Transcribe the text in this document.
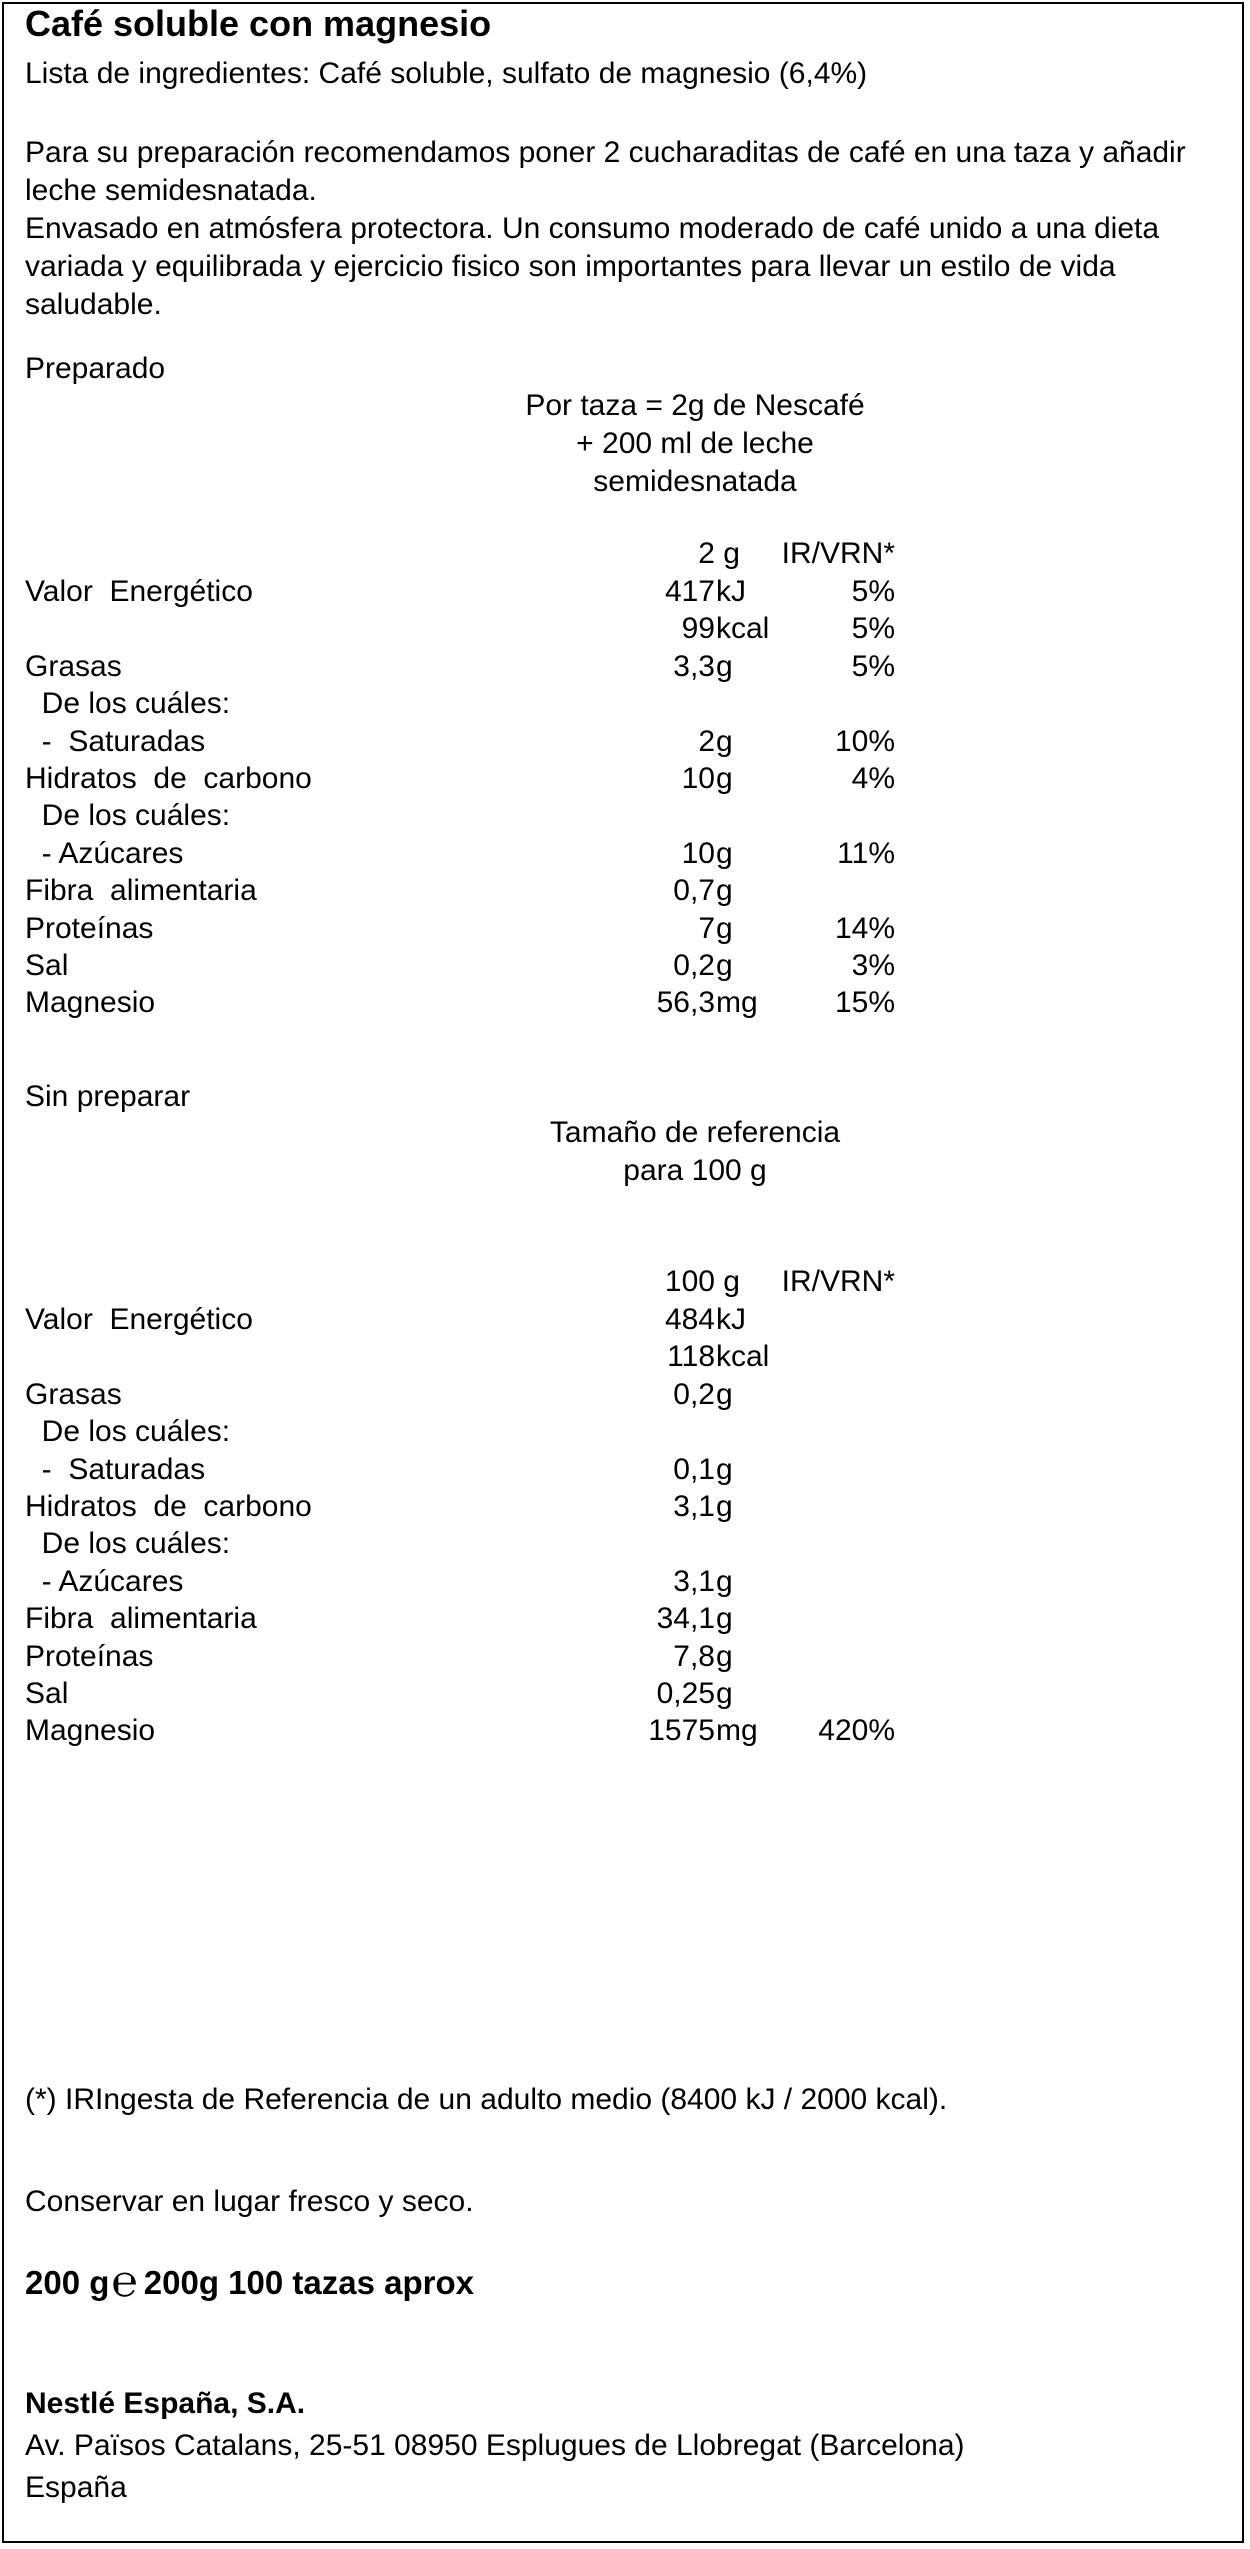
Café soluble con magnesio
Lista de ingredientes: Café soluble, sulfato de magnesio (6,4%)
Para su preparación recomendamos poner 2 cucharaditas de café en una taza y añadir leche semidesnatada.
Envasado en atmósfera protectora. Un consumo moderado de café unido a una dieta variada y equilibrada y ejercicio fisico son importantes para llevar un estilo de vida saludable.
Preparado
Por taza = 2g de Nescafé
+ 200 ml de leche
semidesnatada
2 g	IR/VRN*
Valor  Energético	417 kJ	5%
99 kcal	5%
Grasas	3,3 g	5%
De los cuáles:
-  Saturadas	2 g	10%
Hidratos  de  carbono	10 g	4%
De los cuáles:
- Azúcares	10 g	11%
Fibra  alimentaria	0,7 g
Proteínas	7 g	14%
Sal	0,2 g	3%
Magnesio	56,3 mg	15%
Sin preparar
Tamaño de referencia
para 100 g
100 g	IR/VRN*
Valor  Energético	484 kJ
118 kcal
Grasas	0,2 g
De los cuáles:
-  Saturadas	0,1 g
Hidratos  de  carbono	3,1 g
De los cuáles:
- Azúcares	3,1 g
Fibra  alimentaria	34,1 g
Proteínas	7,8 g
Sal	0,25 g
Magnesio	1575 mg	420%
(*) IRIngesta de Referencia de un adulto medio (8400 kJ / 2000 kcal).
Conservar en lugar fresco y seco.
200 g℮ 200g 100 tazas aprox
Nestlé España, S.A.
Av. Països Catalans, 25-51 08950 Esplugues de Llobregat (Barcelona)
España
